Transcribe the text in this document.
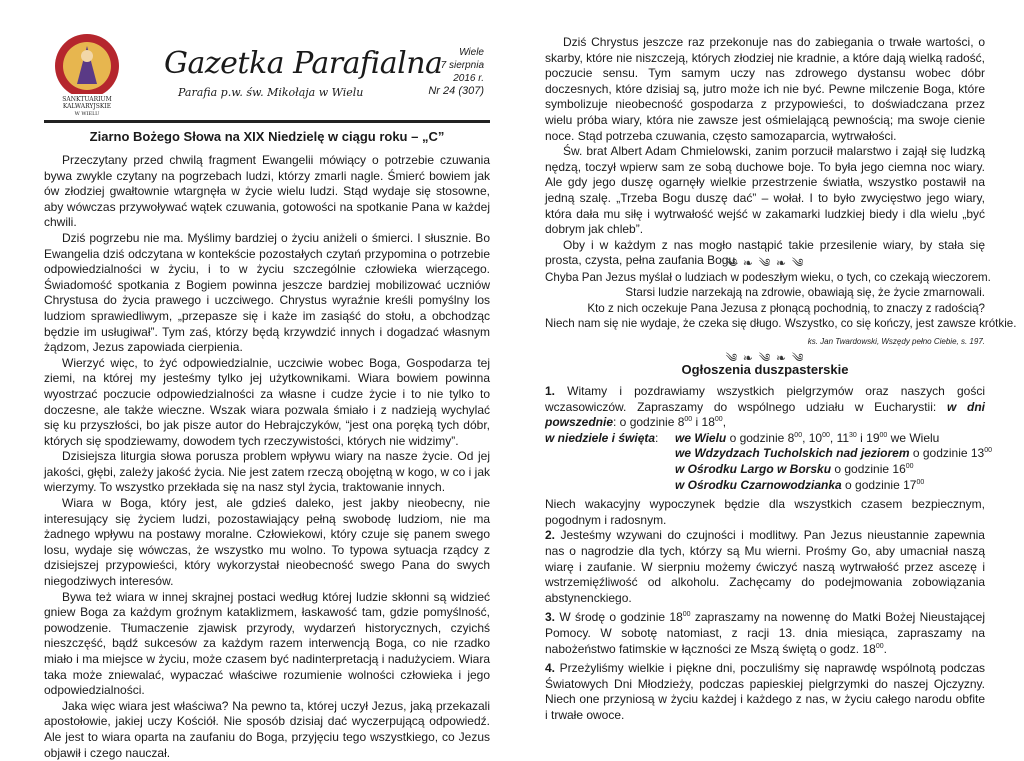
SANKTUARIUM
KALWARYJSKIE
W WIELU
Gazetka Parafialna
Parafia p.w. św. Mikołaja w Wielu
Wiele
7 sierpnia
2016 r.
Nr 24 (307)
Ziarno Bożego Słowa na XIX Niedzielę w ciągu roku – „C”

Przeczytany przed chwilą fragment Ewangelii mówiący o potrzebie czuwania bywa zwykle czytany na pogrzebach ludzi, którzy zmarli nagle. Śmierć bowiem jak ów złodziej gwałtownie wtargnęła w życie wielu ludzi. Stąd wydaje się stosowne, aby wówczas przywoływać wątek czuwania, gotowości na spotkanie Pana w każdej chwili.

Dziś pogrzebu nie ma. Myślimy bardziej o życiu aniżeli o śmierci. I słusznie. Bo Ewangelia dziś odczytana w kontekście pozostałych czytań przypomina o potrzebie odpowiedzialności w życiu, i to w życiu szczególnie człowieka wierzącego. Świadomość spotkania z Bogiem powinna jeszcze bardziej mobilizować uczniów Chrystusa do życia prawego i uczciwego. Chrystus wyraźnie kreśli pomyślny los ludziom sprawiedliwym, „przepasze się i każe im zasiąść do stołu, a obchodząc będzie im usługiwał”. Tym zaś, którzy będą krzywdzić innych i dogadzać własnym żądzom, Jezus zapowiada cierpienia.

Wierzyć więc, to żyć odpowiedzialnie, uczciwie wobec Boga, Gospodarza tej ziemi, na której my jesteśmy tylko jej użytkownikami. Wiara bowiem powinna wyostrzać poczucie odpowiedzialności za własne i cudze życie i to nie tylko to doczesne, ale także wieczne. Wszak wiara pozwala śmiało i z nadzieją wychylać się ku przyszłości, bo jak pisze autor do Hebrajczyków, “jest ona poręką tych dóbr, których się spodziewamy, dowodem tych rzeczywistości, których nie widzimy”.

Dzisiejsza liturgia słowa porusza problem wpływu wiary na nasze życie. Od jej jakości, głębi, zależy jakość życia. Nie jest zatem rzeczą obojętną w kogo, w co i jak wierzymy. To wszystko przekłada się na nasz styl życia, traktowanie innych.

Wiara w Boga, który jest, ale gdzieś daleko, jest jakby nieobecny, nie interesujący się życiem ludzi, pozostawiający pełną swobodę ludziom, nie ma żadnego wpływu na postawy moralne. Człowiekowi, który czuje się panem swego losu, wydaje się wówczas, że wszystko mu wolno. To typowa sytuacja rządcy z dzisiejszej przypowieści, który wykorzystał nieobecność swego Pana do swych niegodziwych interesów.

Bywa też wiara w innej skrajnej postaci według której ludzie skłonni są widzieć gniew Boga za każdym groźnym kataklizmem, łaskawość tam, gdzie pomyślność, powodzenie. Tłumaczenie zjawisk przyrody, wydarzeń historycznych, czyichś nieszczęść, bądź sukcesów za każdym razem interwencją Boga, co nie rzadko miało i ma miejsce w życiu, może czasem być nadinterpretacją i nadużyciem. Wiara taka może zniewalać, wypaczać właściwe rozumienie wolności człowieka i jego odpowiedzialności.

Jaka więc wiara jest właściwa? Na pewno ta, której uczył Jezus, jaką przekazali apostołowie, jakiej uczy Kościół. Nie sposób dzisiaj dać wyczerpującą odpowiedź. Ale jest to wiara oparta na zaufaniu do Boga, przyjęciu tego wszystkiego, co Jezus objawił i czego nauczał.

Dziś Chrystus jeszcze raz przekonuje nas do zabiegania o trwałe wartości, o skarby, które nie niszczeją, których złodziej nie kradnie, a które dają wielką radość, poczucie sensu. Tym samym uczy nas zdrowego dystansu wobec dóbr doczesnych, które dzisiaj są, jutro może ich nie być. Pewne milczenie Boga, które symbolizuje nieobecność gospodarza z przypowieści, to doświadczana przez wielu próba wiary, która nie zawsze jest ośmielającą pewnością; ma swoje cienie noce. Stąd potrzeba czuwania, często samozaparcia, wytrwałości.

Św. brat Albert Adam Chmielowski, zanim porzucił malarstwo i zajął się ludzką nędzą, toczył wpierw sam ze sobą duchowe boje. To była jego ciemna noc wiary. Ale gdy jego duszę ogarnęły wielkie przestrzenie światła, wszystko postawił na jedną szalę. „Trzeba Bogu duszę dać” – wołał. I to było zwycięstwo jego wiary, która dała mu siłę i wytrwałość wejść w zakamarki ludzkiej biedy i dla wielu „być dobrym jak chleb”.

Oby i w każdym z nas mogło nastąpić takie przesilenie wiary, by stała się prosta, czysta, pełna zaufania Bogu.

༄ ❧ ༄ ❧ ༄
Chyba Pan Jezus myślał o ludziach w podeszłym wieku, o tych, co czekają wieczorem.
Starsi ludzie narzekają na zdrowie, obawiają się, że życie zmarnowali.
Kto z nich oczekuje Pana Jezusa z płonącą pochodnią, to znaczy z radością?
Niech nam się nie wydaje, że czeka się długo. Wszystko, co się kończy, jest zawsze krótkie.
ks. Jan Twardowski, Wszędy pełno Ciebie, s. 197.
༄ ❧ ༄ ❧ ༄
Ogłoszenia duszpasterskie
1. Witamy i pozdrawiamy wszystkich pielgrzymów oraz naszych gości wczasowiczów. Zapraszamy do wspólnego udziału w Eucharystii: w dni powszednie: o godzinie $8^{00}$ i $18^{00}$,
w niedziele i święta: we Wielu o godzinie $8^{00}$, $10^{00}$, $11^{30}$ i $19^{00}$ we Wielu
we Wdzydzach Tucholskich nad jeziorem o godzinie $13^{00}$
w Ośrodku Largo w Borsku o godzinie $16^{00}$
w Ośrodku Czarnowodzianka o godzinie $17^{00}$
Niech wakacyjny wypoczynek będzie dla wszystkich czasem bezpiecznym, pogodnym i radosnym.
2. Jesteśmy wzywani do czujności i modlitwy. Pan Jezus nieustannie zapewnia nas o nagrodzie dla tych, którzy są Mu wierni. Prośmy Go, aby umacniał naszą wiarę i zaufanie. W sierpniu możemy ćwiczyć naszą wytrwałość przez ascezę i wstrzemięźliwość od alkoholu. Zachęcamy do podejmowania zobowiązania abstynenckiego.
3. W środę o godzinie $18^{00}$ zapraszamy na nowennę do Matki Bożej Nieustającej Pomocy. W sobotę natomiast, z racji 13. dnia miesiąca, zapraszamy na nabożeństwo fatimskie w łączności ze Mszą świętą o godz. $18^{00}$.
4. Przeżyliśmy wielkie i piękne dni, poczuliśmy się naprawdę wspólnotą podczas Światowych Dni Młodzieży, podczas papieskiej pielgrzymki do naszej Ojczyzny. Niech one przyniosą w życiu każdej i każdego z nas, w życiu całego narodu obfite i trwałe owoce.
